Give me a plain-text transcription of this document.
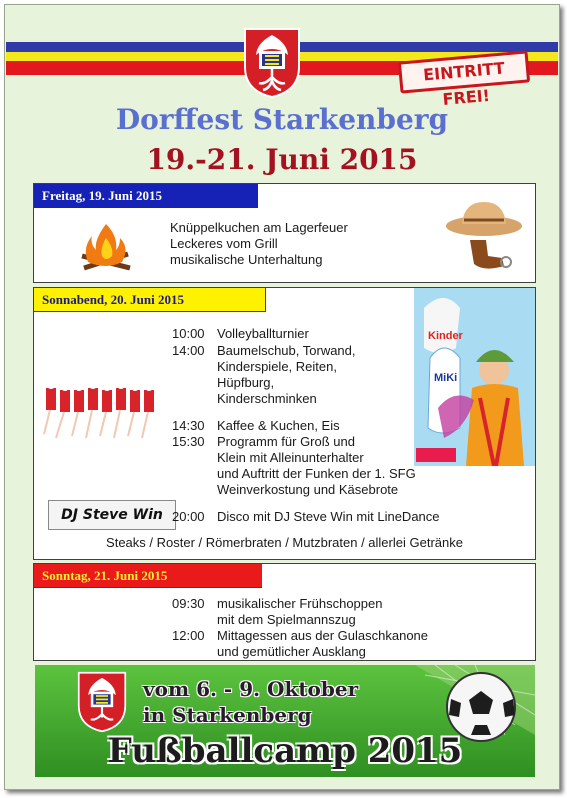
EINTRITT FREI!
Dorffest Starkenberg
19.-21. Juni 2015
Freitag, 19. Juni 2015
Knüppelkuchen am Lagerfeuer
Leckeres vom Grill
musikalische Unterhaltung
Sonnabend, 20. Juni 2015
Kinder
MiKi
10:00 Volleyballturnier
14:00 Baumelschub, Torwand,
Kinderspiele, Reiten,
Hüpfburg,
Kinderschminken
14:30 Kaffee & Kuchen, Eis
15:30 Programm für Groß und
Klein mit Alleinunterhalter
und Auftritt der Funken der 1. SFG
Weinverkostung und Käsebrote
DJ Steve Win 20:00 Disco mit DJ Steve Win mit LineDance
Steaks / Roster / Römerbraten / Mutzbraten / allerlei Getränke
Sonntag, 21. Juni 2015
09:30 musikalischer Frühschoppen
mit dem Spielmannszug
12:00 Mittagessen aus der Gulaschkanone
und gemütlicher Ausklang
vom 6. - 9. Oktober
in Starkenberg
Fußballcamp 2015
